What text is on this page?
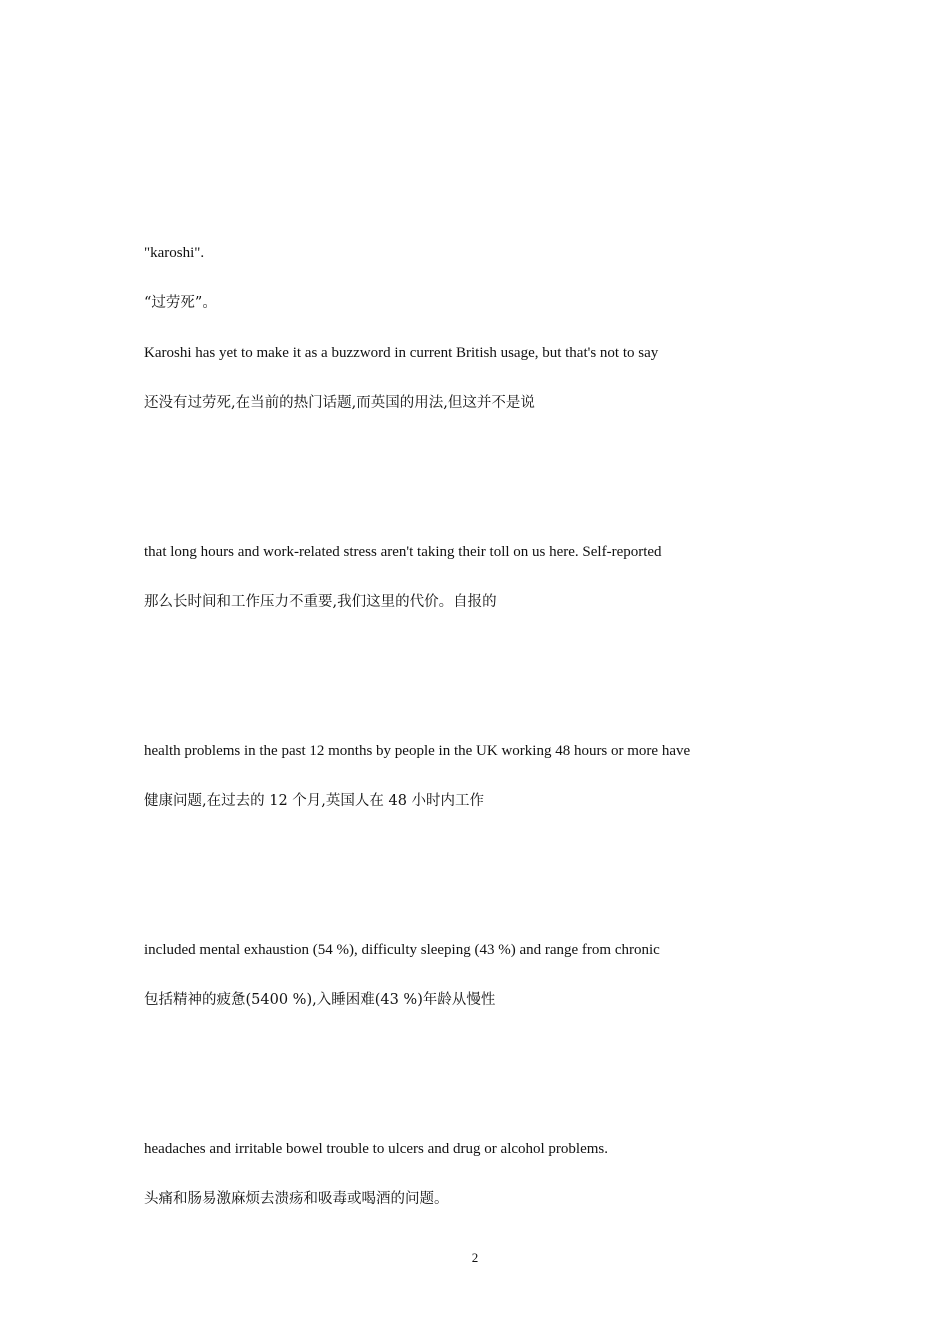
"karoshi".

“过劳死”。

Karoshi has yet to make it as a buzzword in current British usage, but that's not to say

还没有过劳死,在当前的热门话题,而英国的用法,但这并不是说

that long hours and work-related stress aren't taking their toll on us here. Self-reported

那么长时间和工作压力不重要,我们这里的代价。自报的

health problems in the past 12 months by people in the UK working 48 hours or more have

健康问题,在过去的 12 个月,英国人在 48 小时内工作

included mental exhaustion (54 %), difficulty sleeping (43 %) and range from chronic

包括精神的疲惫(5400 %),入睡困难(43 %)年龄从慢性

headaches and irritable bowel trouble to ulcers and drug or alcohol problems.

头痛和肠易激麻烦去溃疡和吸毒或喝酒的问题。

2
